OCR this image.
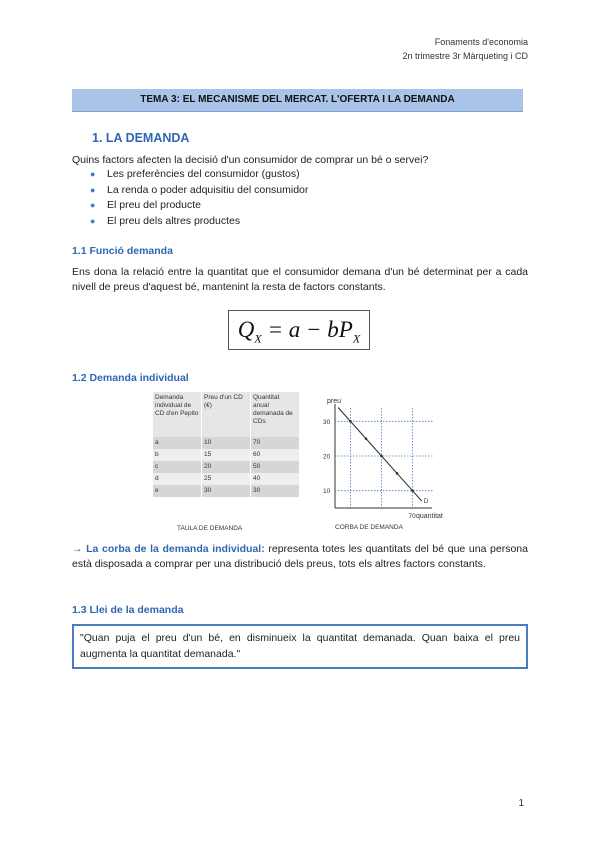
Fonaments d'economia
2n trimestre 3r Màrqueting i CD
TEMA 3: EL MECANISME DEL MERCAT. L'OFERTA I LA DEMANDA
1. LA DEMANDA
Quins factors afecten la decisió d'un consumidor de comprar un bé o servei?
● Les preferències del consumidor (gustos)
● La renda o poder adquisitiu del consumidor
● El preu del producte
● El preu dels altres productes
1.1 Funció demanda
Ens dona la relació entre la quantitat que el consumidor demana d'un bé determinat per a cada nivell de preus d'aquest bé, mantenint la resta de factors constants.
$Q_X = a - bP_X$
1.2 Demanda individual
Demanda individual de CD d'en Pepito	Preu d'un CD (€)	Quantitat anual demanada de CDs
a	10	70
b	15	60
c	20	50
d	25	40
e	30	30
TAULA DE DEMANDA
preu
quantitat
30
20
10
70
D
CORBA DE DEMANDA
→ La corba de la demanda individual: representa totes les quantitats del bé que una persona està disposada a comprar per una distribució dels preus, tots els altres factors constants.
1.3 Llei de la demanda
"Quan puja el preu d'un bé, en disminueix la quantitat demanada. Quan baixa el preu augmenta la quantitat demanada."
1
